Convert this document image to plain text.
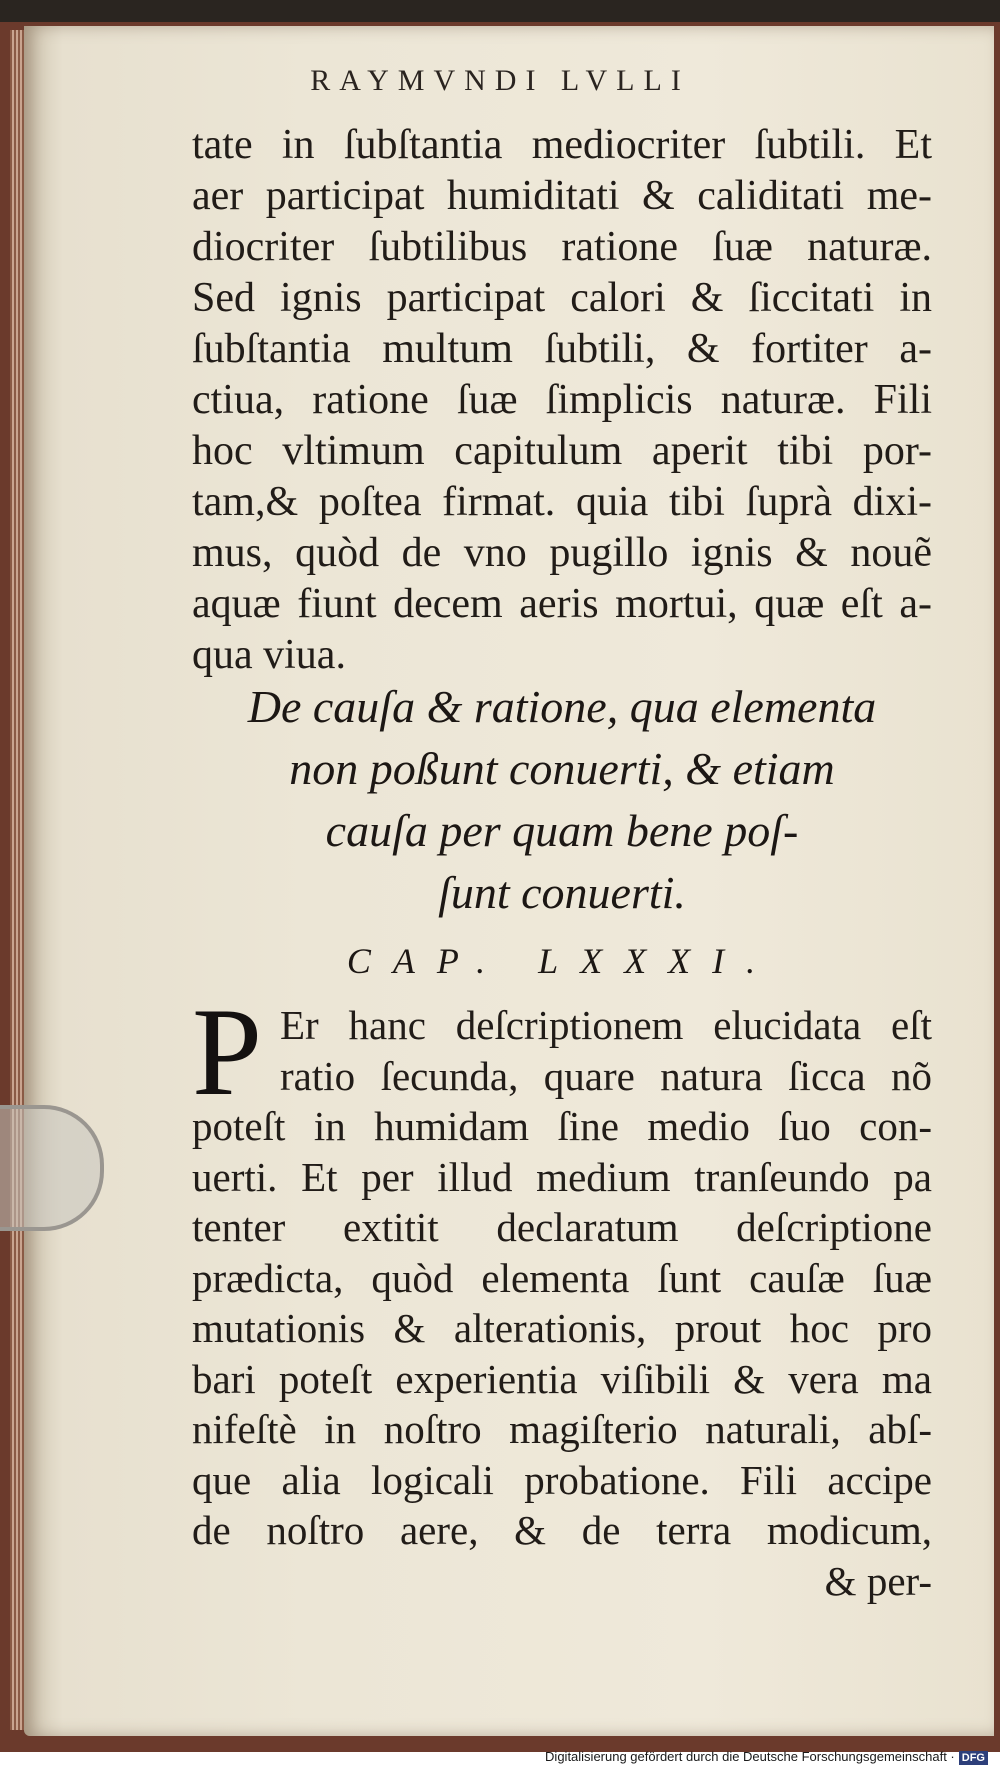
RAYMVNDI LVLLI
tate in ſubſtantia mediocriter ſubtili. Et
aer participat humiditati & caliditati me-
diocriter ſubtilibus ratione ſuæ naturæ.
Sed ignis participat calori & ſiccitati in
ſubſtantia multum ſubtili, & fortiter a-
ctiua, ratione ſuæ ſimplicis naturæ. Fili
hoc vltimum capitulum aperit tibi por-
tam,& poſtea firmat. quia tibi ſuprà dixi-
mus, quòd de vno pugillo ignis & nouẽ
aquæ fiunt decem aeris mortui, quæ eſt a-
qua viua.
De cauſa & ratione, qua elementa
non poßunt conuerti, & etiam
cauſa per quam bene poſ-
ſunt conuerti.
CAP. LXXXI.
P Er hanc deſcriptionem elucidata eſt
ratio ſecunda, quare natura ſicca nõ
poteſt in humidam ſine medio ſuo con-
uerti. Et per illud medium tranſeundo pa
tenter extitit declaratum deſcriptione
prædicta, quòd elementa ſunt cauſæ ſuæ
mutationis & alterationis, prout hoc pro
bari poteſt experientia viſibili & vera ma
nifeſtè in noſtro magiſterio naturali, abſ-
que alia logicali probatione. Fili accipe
de noſtro aere, & de terra modicum,
& per-
Digitalisierung gefördert durch die Deutsche Forschungsgemeinschaft · DFG
